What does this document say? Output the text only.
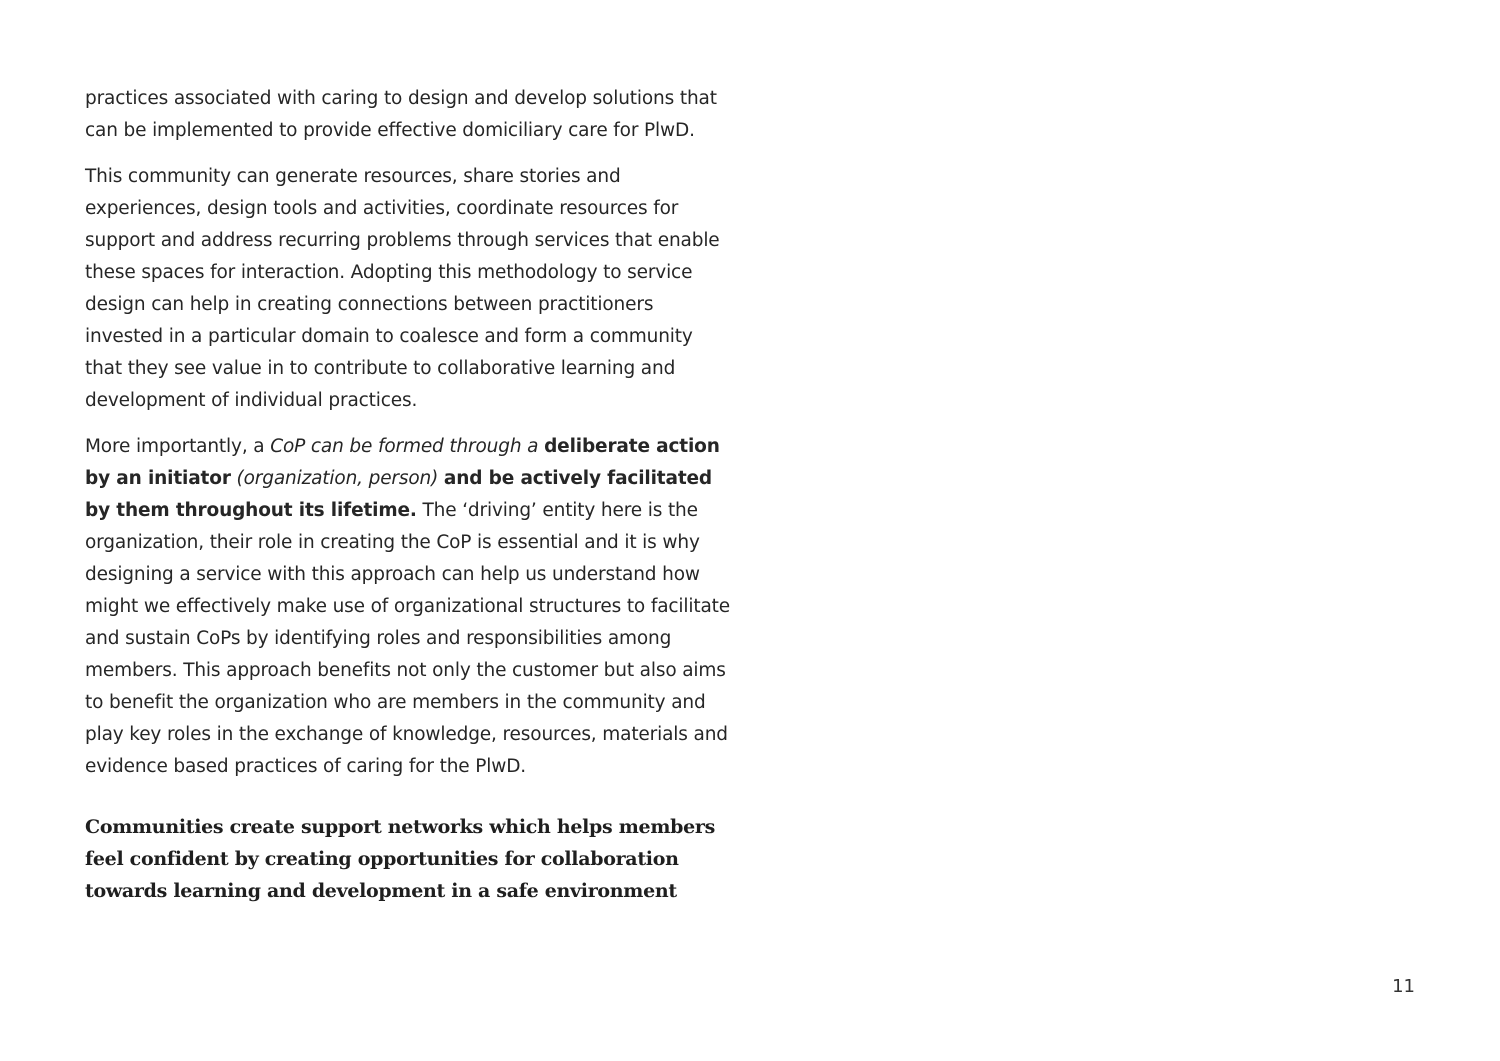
practices associated with caring to design and develop solutions that can be implemented to provide effective domiciliary care for PlwD.

This community can generate resources, share stories and experiences, design tools and activities, coordinate resources for support and address recurring problems through services that enable these spaces for interaction. Adopting this methodology to service design can help in creating connections between practitioners invested in a particular domain to coalesce and form a community that they see value in to contribute to collaborative learning and development of individual practices.

More importantly, a CoP can be formed through a deliberate action by an initiator (organization, person) and be actively facilitated by them throughout its lifetime. The ‘driving’ entity here is the organization, their role in creating the CoP is essential and it is why designing a service with this approach can help us understand how might we effectively make use of organizational structures to facilitate and sustain CoPs by identifying roles and responsibilities among members. This approach benefits not only the customer but also aims to benefit the organization who are members in the community and play key roles in the exchange of knowledge, resources, materials and evidence based practices of caring for the PlwD.

Communities create support networks which helps members feel confident by creating opportunities for collaboration towards learning and development in a safe environment
11
